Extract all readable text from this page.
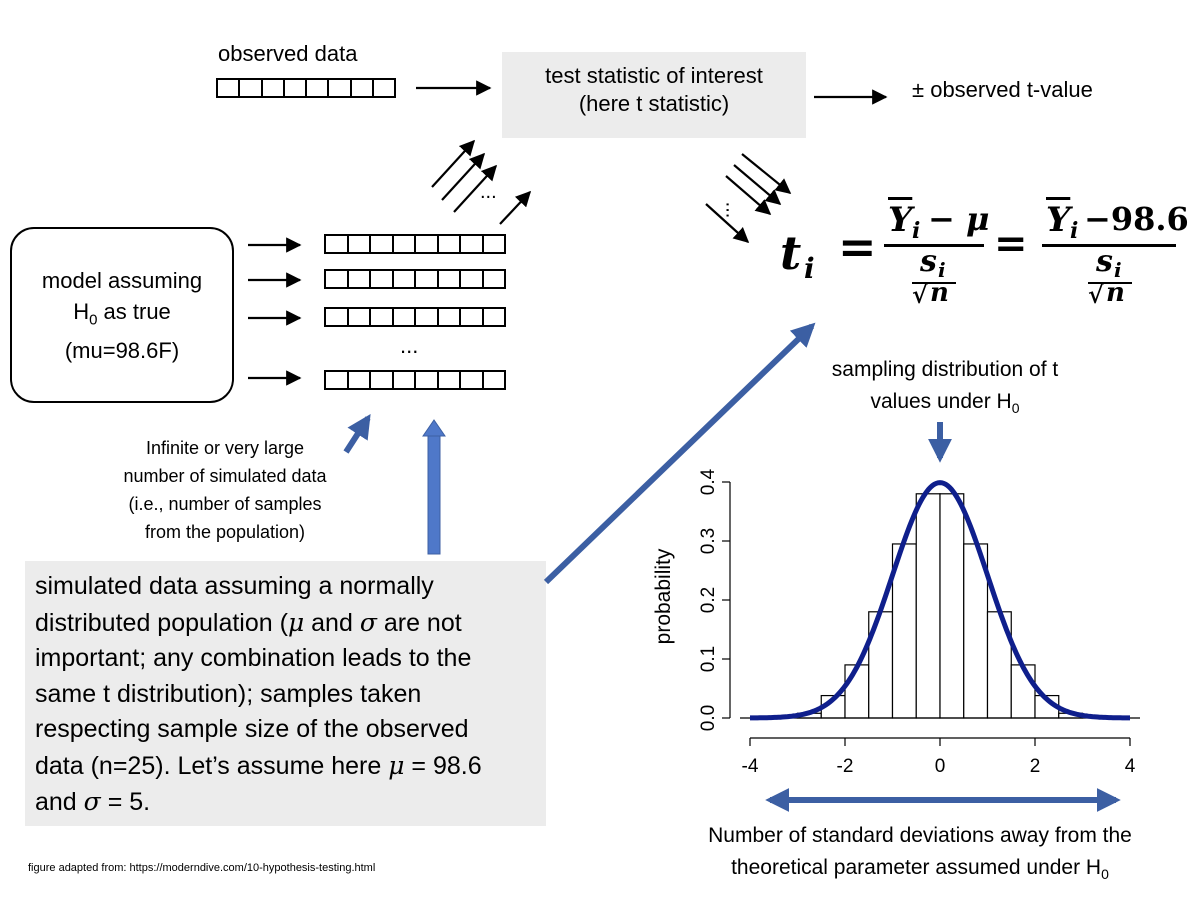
observed data
test statistic of interest
(here t statistic)
± observed t-value
model assuming
$H_0$ as true
(mu=98.6F)	...
...
...
Infinite or very large
number of simulated data
(i.e., number of samples
from the population)
simulated data assuming a normally
distributed population (μ and σ are not
important; any combination leads to the
same t distribution); samples taken
respecting sample size of the observed
data (n=25). Let’s assume here μ = 98.6
and σ = 5.
t $i = \overline{Y}$ i − μ
s i
√ n
= $\overline{Y}$ i −98.6
s i
√ n
sampling distribution of t
values under $H_0$
Number of standard deviations away from the
theoretical parameter assumed under $H_0$
figure adapted from: https://moderndive.com/10-hypothesis-testing.html
-4	-2	0	2	4
0.0
0.1
0.2
0.3
0.4
probability
